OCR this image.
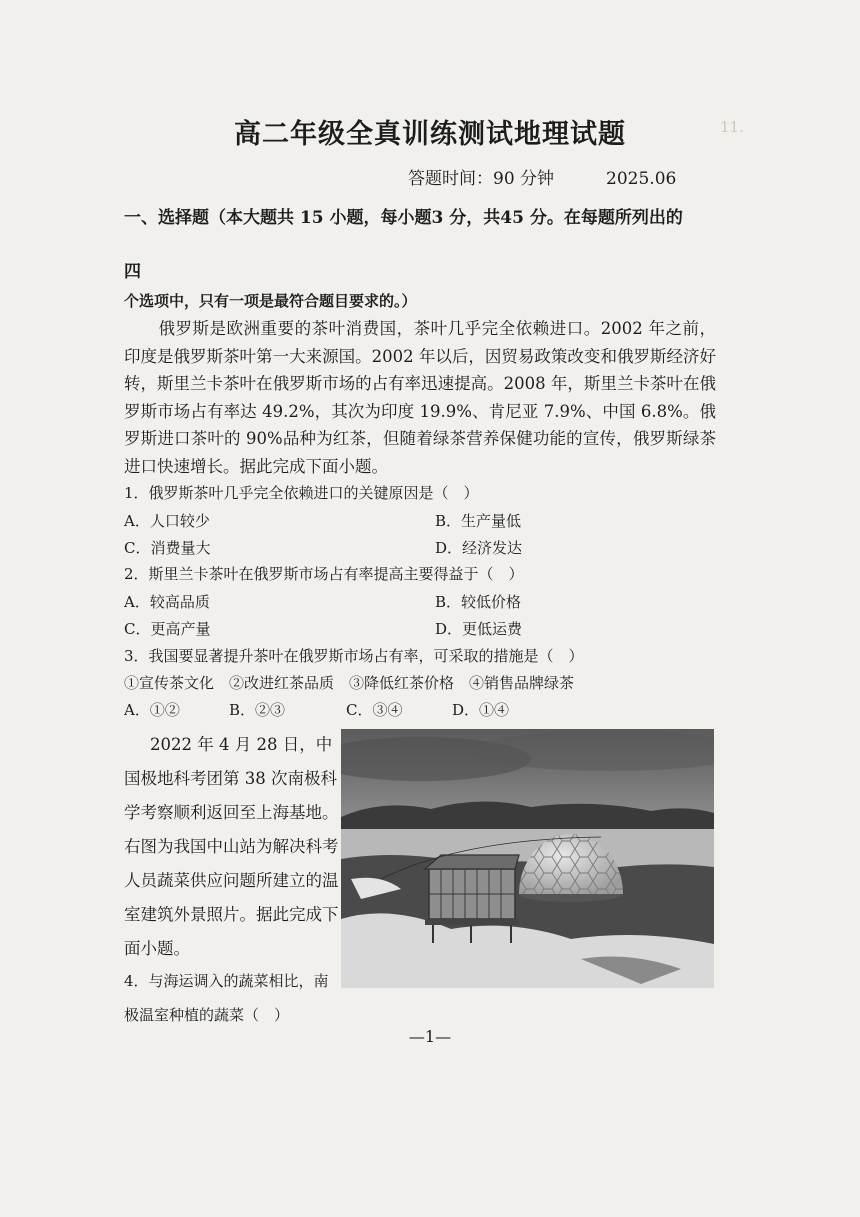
11.
高二年级全真训练测试地理试题
答题时间：90 分钟	2025.06
一、选择题（本大题共 15 小题，每小题3 分，共45 分。在每题所列出的
四
个选项中，只有一项是最符合题目要求的。）
俄罗斯是欧洲重要的茶叶消费国，茶叶几乎完全依赖进口。2002 年之前，印度是俄罗斯茶叶第一大来源国。2002 年以后，因贸易政策改变和俄罗斯经济好转，斯里兰卡茶叶在俄罗斯市场的占有率迅速提高。2008 年，斯里兰卡茶叶在俄罗斯市场占有率达 49.2%，其次为印度 19.9%、肯尼亚 7.9%、中国 6.8%。俄罗斯进口茶叶的 90%品种为红茶，但随着绿茶营养保健功能的宣传，俄罗斯绿茶进口快速增长。据此完成下面小题。
1．俄罗斯茶叶几乎完全依赖进口的关键原因是（　）
A．人口较少	B．生产量低
C．消费量大	D．经济发达
2．斯里兰卡茶叶在俄罗斯市场占有率提高主要得益于（　）
A．较高品质	B．较低价格
C．更高产量	D．更低运费
3．我国要显著提升茶叶在俄罗斯市场占有率，可采取的措施是（　）
①宣传茶文化　②改进红茶品质　③降低红茶价格　④销售品牌绿茶
A．①②	B．②③	C．③④	D．①④
2022 年 4 月 28 日，中国极地科考团第 38 次南极科学考察顺利返回至上海基地。右图为我国中山站为解决科考人员蔬菜供应问题所建立的温室建筑外景照片。据此完成下面小题。
4．与海运调入的蔬菜相比，南极温室种植的蔬菜（　）
—1—
